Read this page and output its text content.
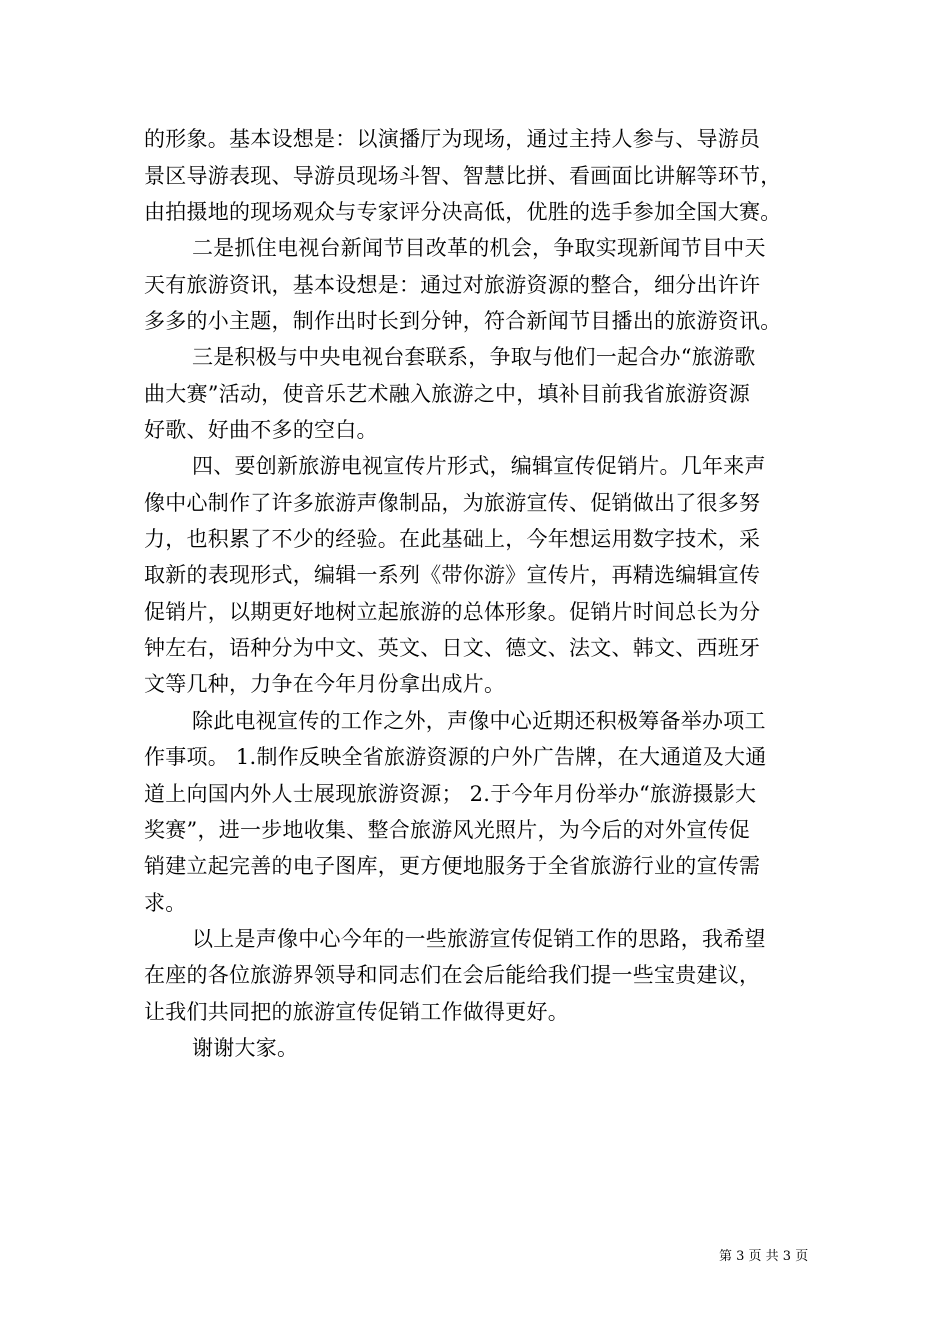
的形象。基本设想是：以演播厅为现场，通过主持人参与、导游员
景区导游表现、导游员现场斗智、智慧比拼、看画面比讲解等环节，
由拍摄地的现场观众与专家评分决高低，优胜的选手参加全国大赛。
二是抓住电视台新闻节目改革的机会，争取实现新闻节目中天
天有旅游资讯，基本设想是：通过对旅游资源的整合，细分出许许
多多的小主题，制作出时长到分钟，符合新闻节目播出的旅游资讯。
三是积极与中央电视台套联系，争取与他们一起合办“旅游歌
曲大赛”活动，使音乐艺术融入旅游之中，填补目前我省旅游资源
好歌、好曲不多的空白。
四、要创新旅游电视宣传片形式，编辑宣传促销片。几年来声
像中心制作了许多旅游声像制品，为旅游宣传、促销做出了很多努
力，也积累了不少的经验。在此基础上，今年想运用数字技术，采
取新的表现形式，编辑一系列《带你游》宣传片，再精选编辑宣传
促销片，以期更好地树立起旅游的总体形象。促销片时间总长为分
钟左右，语种分为中文、英文、日文、德文、法文、韩文、西班牙
文等几种，力争在今年月份拿出成片。
除此电视宣传的工作之外，声像中心近期还积极筹备举办项工
作事项。 1.制作反映全省旅游资源的户外广告牌，在大通道及大通
道上向国内外人士展现旅游资源； 2.于今年月份举办“旅游摄影大
奖赛”，进一步地收集、整合旅游风光照片，为今后的对外宣传促
销建立起完善的电子图库，更方便地服务于全省旅游行业的宣传需
求。
以上是声像中心今年的一些旅游宣传促销工作的思路，我希望
在座的各位旅游界领导和同志们在会后能给我们提一些宝贵建议，
让我们共同把的旅游宣传促销工作做得更好。
谢谢大家。
第 3 页 共 3 页
